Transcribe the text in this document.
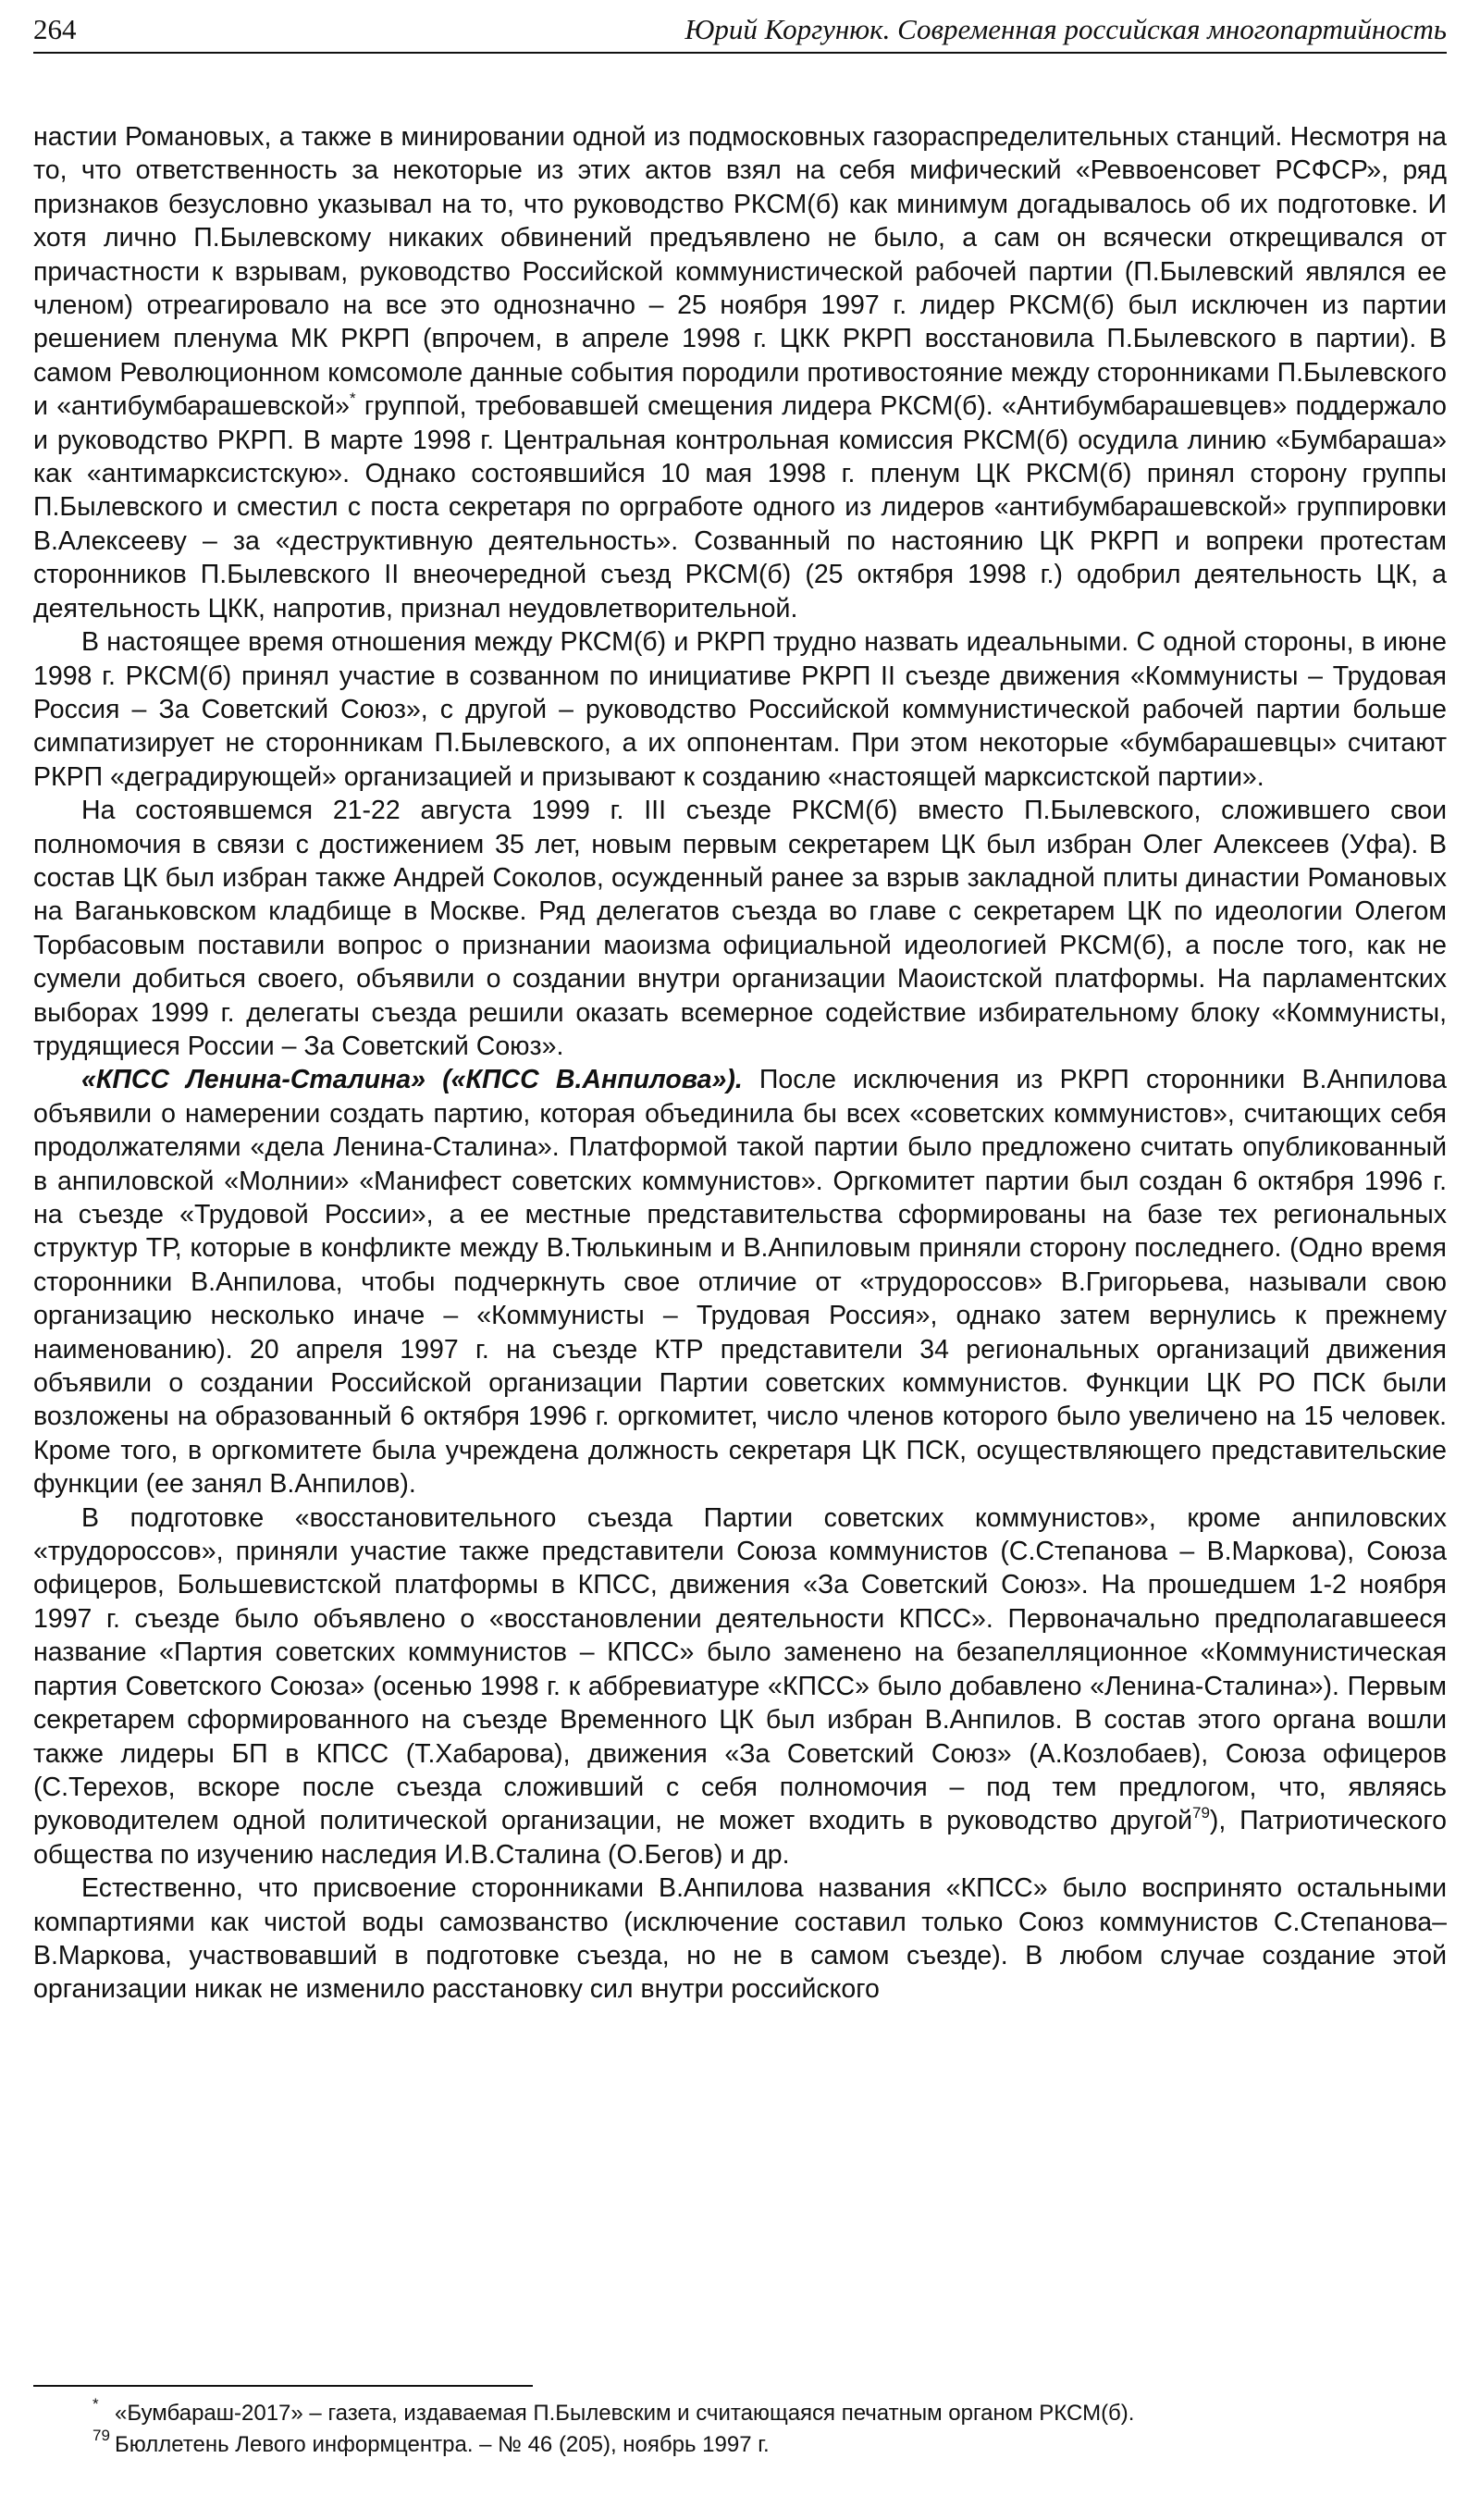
264	Юрий Коргунюк. Современная российская многопартийность

настии Романовых, а также в минировании одной из подмосковных газораспределительных станций. Несмотря на то, что ответственность за некоторые из этих актов взял на себя мифический «Реввоенсовет РСФСР», ряд признаков безусловно указывал на то, что руководство РКСМ(б) как минимум догадывалось об их подготовке. И хотя лично П.Былевскому никаких обвинений предъявлено не было, а сам он всячески открещивался от причастности к взрывам, руководство Российской коммунистической рабочей партии (П.Былевский являлся ее членом) отреагировало на все это однозначно – 25 ноября 1997 г. лидер РКСМ(б) был исключен из партии решением пленума МК РКРП (впрочем, в апреле 1998 г. ЦКК РКРП восстановила П.Былевского в партии). В самом Революционном комсомоле данные события породили противостояние между сторонниками П.Былевского и «антибумбарашевской»* группой, требовавшей смещения лидера РКСМ(б). «Антибумбарашевцев» поддержало и руководство РКРП. В марте 1998 г. Центральная контрольная комиссия РКСМ(б) осудила линию «Бумбараша» как «антимарксистскую». Однако состоявшийся 10 мая 1998 г. пленум ЦК РКСМ(б) принял сторону группы П.Былевского и сместил с поста секретаря по оргработе одного из лидеров «антибумбарашевской» группировки В.Алексееву – за «деструктивную деятельность». Созванный по настоянию ЦК РКРП и вопреки протестам сторонников П.Былевского II внеочередной съезд РКСМ(б) (25 октября 1998 г.) одобрил деятельность ЦК, а деятельность ЦКК, напротив, признал неудовлетворительной.

В настоящее время отношения между РКСМ(б) и РКРП трудно назвать идеальными. С одной стороны, в июне 1998 г. РКСМ(б) принял участие в созванном по инициативе РКРП II съезде движения «Коммунисты – Трудовая Россия – За Советский Союз», с другой – руководство Российской коммунистической рабочей партии больше симпатизирует не сторонникам П.Былевского, а их оппонентам. При этом некоторые «бумбарашевцы» считают РКРП «деградирующей» организацией и призывают к созданию «настоящей марксистской партии».

На состоявшемся 21-22 августа 1999 г. III съезде РКСМ(б) вместо П.Былевского, сложившего свои полномочия в связи с достижением 35 лет, новым первым секретарем ЦК был избран Олег Алексеев (Уфа). В состав ЦК был избран также Андрей Соколов, осужденный ранее за взрыв закладной плиты династии Романовых на Ваганьковском кладбище в Москве. Ряд делегатов съезда во главе с секретарем ЦК по идеологии Олегом Торбасовым поставили вопрос о признании маоизма официальной идеологией РКСМ(б), а после того, как не сумели добиться своего, объявили о создании внутри организации Маоистской платформы. На парламентских выборах 1999 г. делегаты съезда решили оказать всемерное содействие избирательному блоку «Коммунисты, трудящиеся России – За Советский Союз».

«КПСС Ленина-Сталина» («КПСС В.Анпилова»). После исключения из РКРП сторонники В.Анпилова объявили о намерении создать партию, которая объединила бы всех «советских коммунистов», считающих себя продолжателями «дела Ленина-Сталина». Платформой такой партии было предложено считать опубликованный в анпиловской «Молнии» «Манифест советских коммунистов». Оргкомитет партии был создан 6 октября 1996 г. на съезде «Трудовой России», а ее местные представительства сформированы на базе тех региональных структур ТР, которые в конфликте между В.Тюлькиным и В.Анпиловым приняли сторону последнего. (Одно время сторонники В.Анпилова, чтобы подчеркнуть свое отличие от «трудороссов» В.Григорьева, называли свою организацию несколько иначе – «Коммунисты – Трудовая Россия», однако затем вернулись к прежнему наименованию). 20 апреля 1997 г. на съезде КТР представители 34 региональных организаций движения объявили о создании Российской организации Партии советских коммунистов. Функции ЦК РО ПСК были возложены на образованный 6 октября 1996 г. оргкомитет, число членов которого было увеличено на 15 человек. Кроме того, в оргкомитете была учреждена должность секретаря ЦК ПСК, осуществляющего представительские функции (ее занял В.Анпилов).

В подготовке «восстановительного съезда Партии советских коммунистов», кроме анпиловских «трудороссов», приняли участие также представители Союза коммунистов (С.Степанова – В.Маркова), Союза офицеров, Большевистской платформы в КПСС, движения «За Советский Союз». На прошедшем 1-2 ноября 1997 г. съезде было объявлено о «восстановлении деятельности КПСС». Первоначально предполагавшееся название «Партия советских коммунистов – КПСС» было заменено на безапелляционное «Коммунистическая партия Советского Союза» (осенью 1998 г. к аббревиатуре «КПСС» было добавлено «Ленина-Сталина»). Первым секретарем сформированного на съезде Временного ЦК был избран В.Анпилов. В состав этого органа вошли также лидеры БП в КПСС (Т.Хабарова), движения «За Советский Союз» (А.Козлобаев), Союза офицеров (С.Терехов, вскоре после съезда сложивший с себя полномочия – под тем предлогом, что, являясь руководителем одной политической организации, не может входить в руководство другой$^{79}$), Патриотического общества по изучению наследия И.В.Сталина (О.Бегов) и др.

Естественно, что присвоение сторонниками В.Анпилова названия «КПСС» было воспринято остальными компартиями как чистой воды самозванство (исключение составил только Союз коммунистов С.Степанова–В.Маркова, участвовавший в подготовке съезда, но не в самом съезде). В любом случае создание этой организации никак не изменило расстановку сил внутри российского

* «Бумбараш-2017» – газета, издаваемая П.Былевским и считающаяся печатным органом РКСМ(б).

$^{79}$ Бюллетень Левого информцентра. – № 46 (205), ноябрь 1997 г.
